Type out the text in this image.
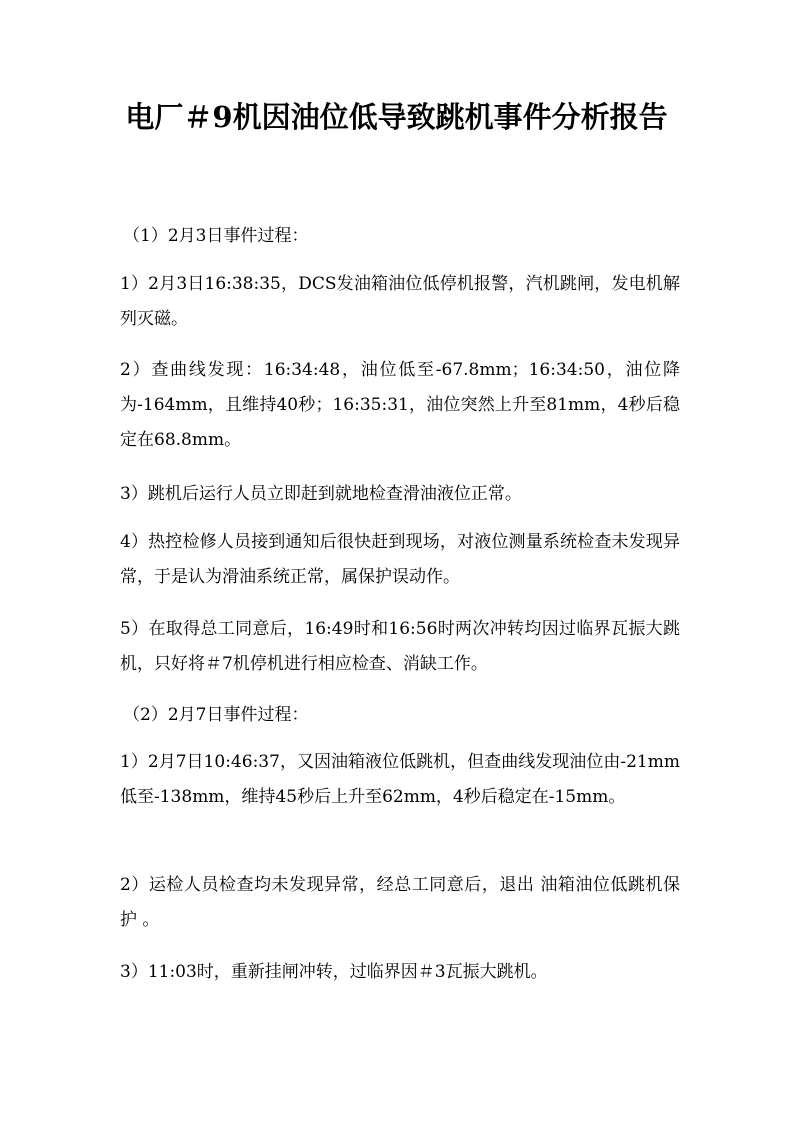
电厂＃9机因油位低导致跳机事件分析报告

（1）2月3日事件过程：

1）2月3日16:38:35，DCS发油箱油位低停机报警，汽机跳闸，发电机解列灭磁。

2）查曲线发现：16:34:48，油位低至-67.8mm；16:34:50，油位降为-164mm，且维持40秒；16:35:31，油位突然上升至81mm，4秒后稳定在68.8mm。

3）跳机后运行人员立即赶到就地检查滑油液位正常。

4）热控检修人员接到通知后很快赶到现场，对液位测量系统检查未发现异常，于是认为滑油系统正常，属保护误动作。

5）在取得总工同意后，16:49时和16:56时两次冲转均因过临界瓦振大跳机，只好将＃7机停机进行相应检查、消缺工作。

（2）2月7日事件过程：

1）2月7日10:46:37，又因油箱液位低跳机，但查曲线发现油位由-21mm低至-138mm，维持45秒后上升至62mm，4秒后稳定在-15mm。

2）运检人员检查均未发现异常，经总工同意后，退出 油箱油位低跳机保护 。

3）11:03时，重新挂闸冲转，过临界因＃3瓦振大跳机。
